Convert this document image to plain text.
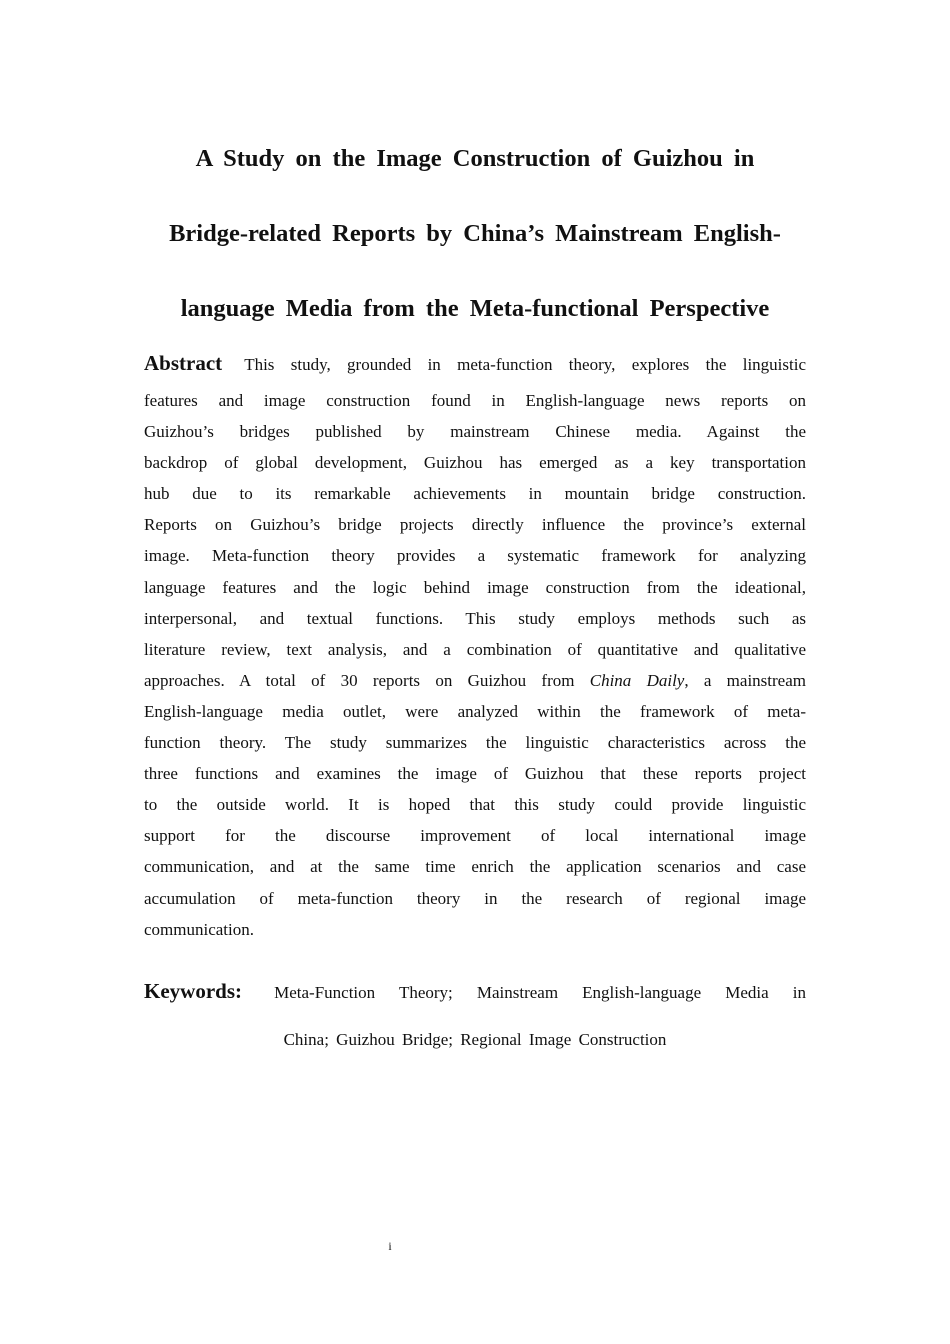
A Study on the Image Construction of Guizhou in
Bridge-related Reports by China’s Mainstream English-
language Media from the Meta-functional Perspective
Abstract This study, grounded in meta-function theory, explores the linguistic
features and image construction found in English-language news reports on
Guizhou’s bridges published by mainstream Chinese media. Against the
backdrop of global development, Guizhou has emerged as a key transportation
hub due to its remarkable achievements in mountain bridge construction.
Reports on Guizhou’s bridge projects directly influence the province’s external
image. Meta-function theory provides a systematic framework for analyzing
language features and the logic behind image construction from the ideational,
interpersonal, and textual functions. This study employs methods such as
literature review, text analysis, and a combination of quantitative and qualitative
approaches. A total of 30 reports on Guizhou from China Daily, a mainstream
English-language media outlet, were analyzed within the framework of meta-
function theory. The study summarizes the linguistic characteristics across the
three functions and examines the image of Guizhou that these reports project
to the outside world. It is hoped that this study could provide linguistic
support for the discourse improvement of local international image
communication, and at the same time enrich the application scenarios and case
accumulation of meta-function theory in the research of regional image
communication.
Keywords: Meta-Function Theory; Mainstream English-language Media in
China; Guizhou Bridge; Regional Image Construction
i
